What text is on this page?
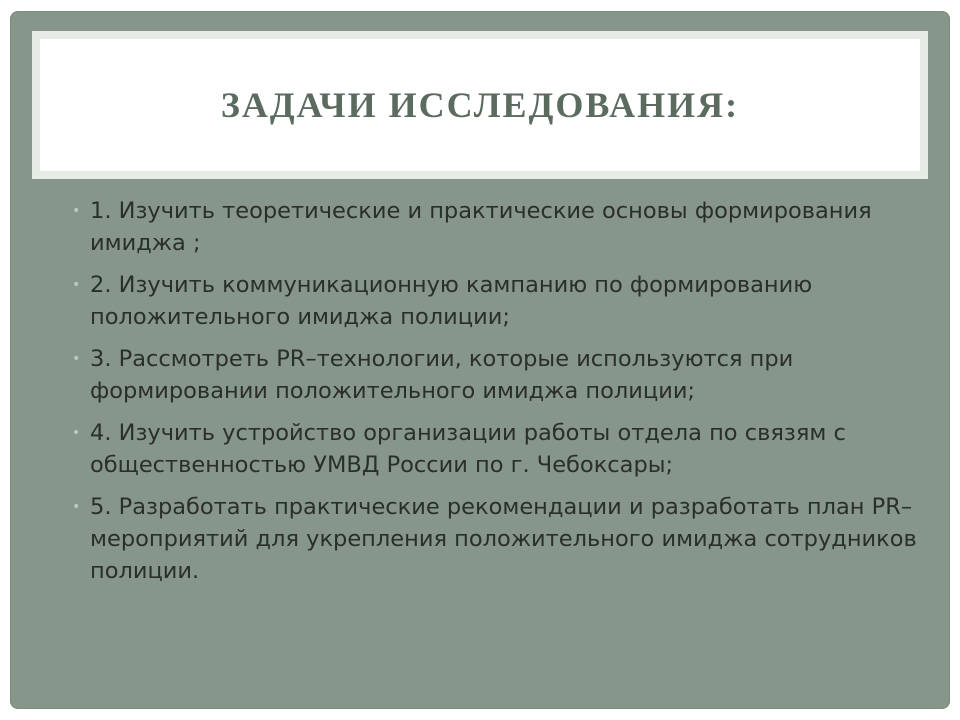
ЗАДАЧИ ИССЛЕДОВАНИЯ:
• 1. Изучить теоретические и практические основы формирования имиджа ;
• 2. Изучить коммуникационную кампанию по формированию положительного имиджа полиции;
• 3. Рассмотреть PR–технологии, которые используются при формировании положительного имиджа полиции;
• 4. Изучить устройство организации работы отдела по связям с общественностью УМВД России по г. Чебоксары;
• 5. Разработать практические рекомендации и разработать план PR– мероприятий для укрепления положительного имиджа сотрудников полиции.
